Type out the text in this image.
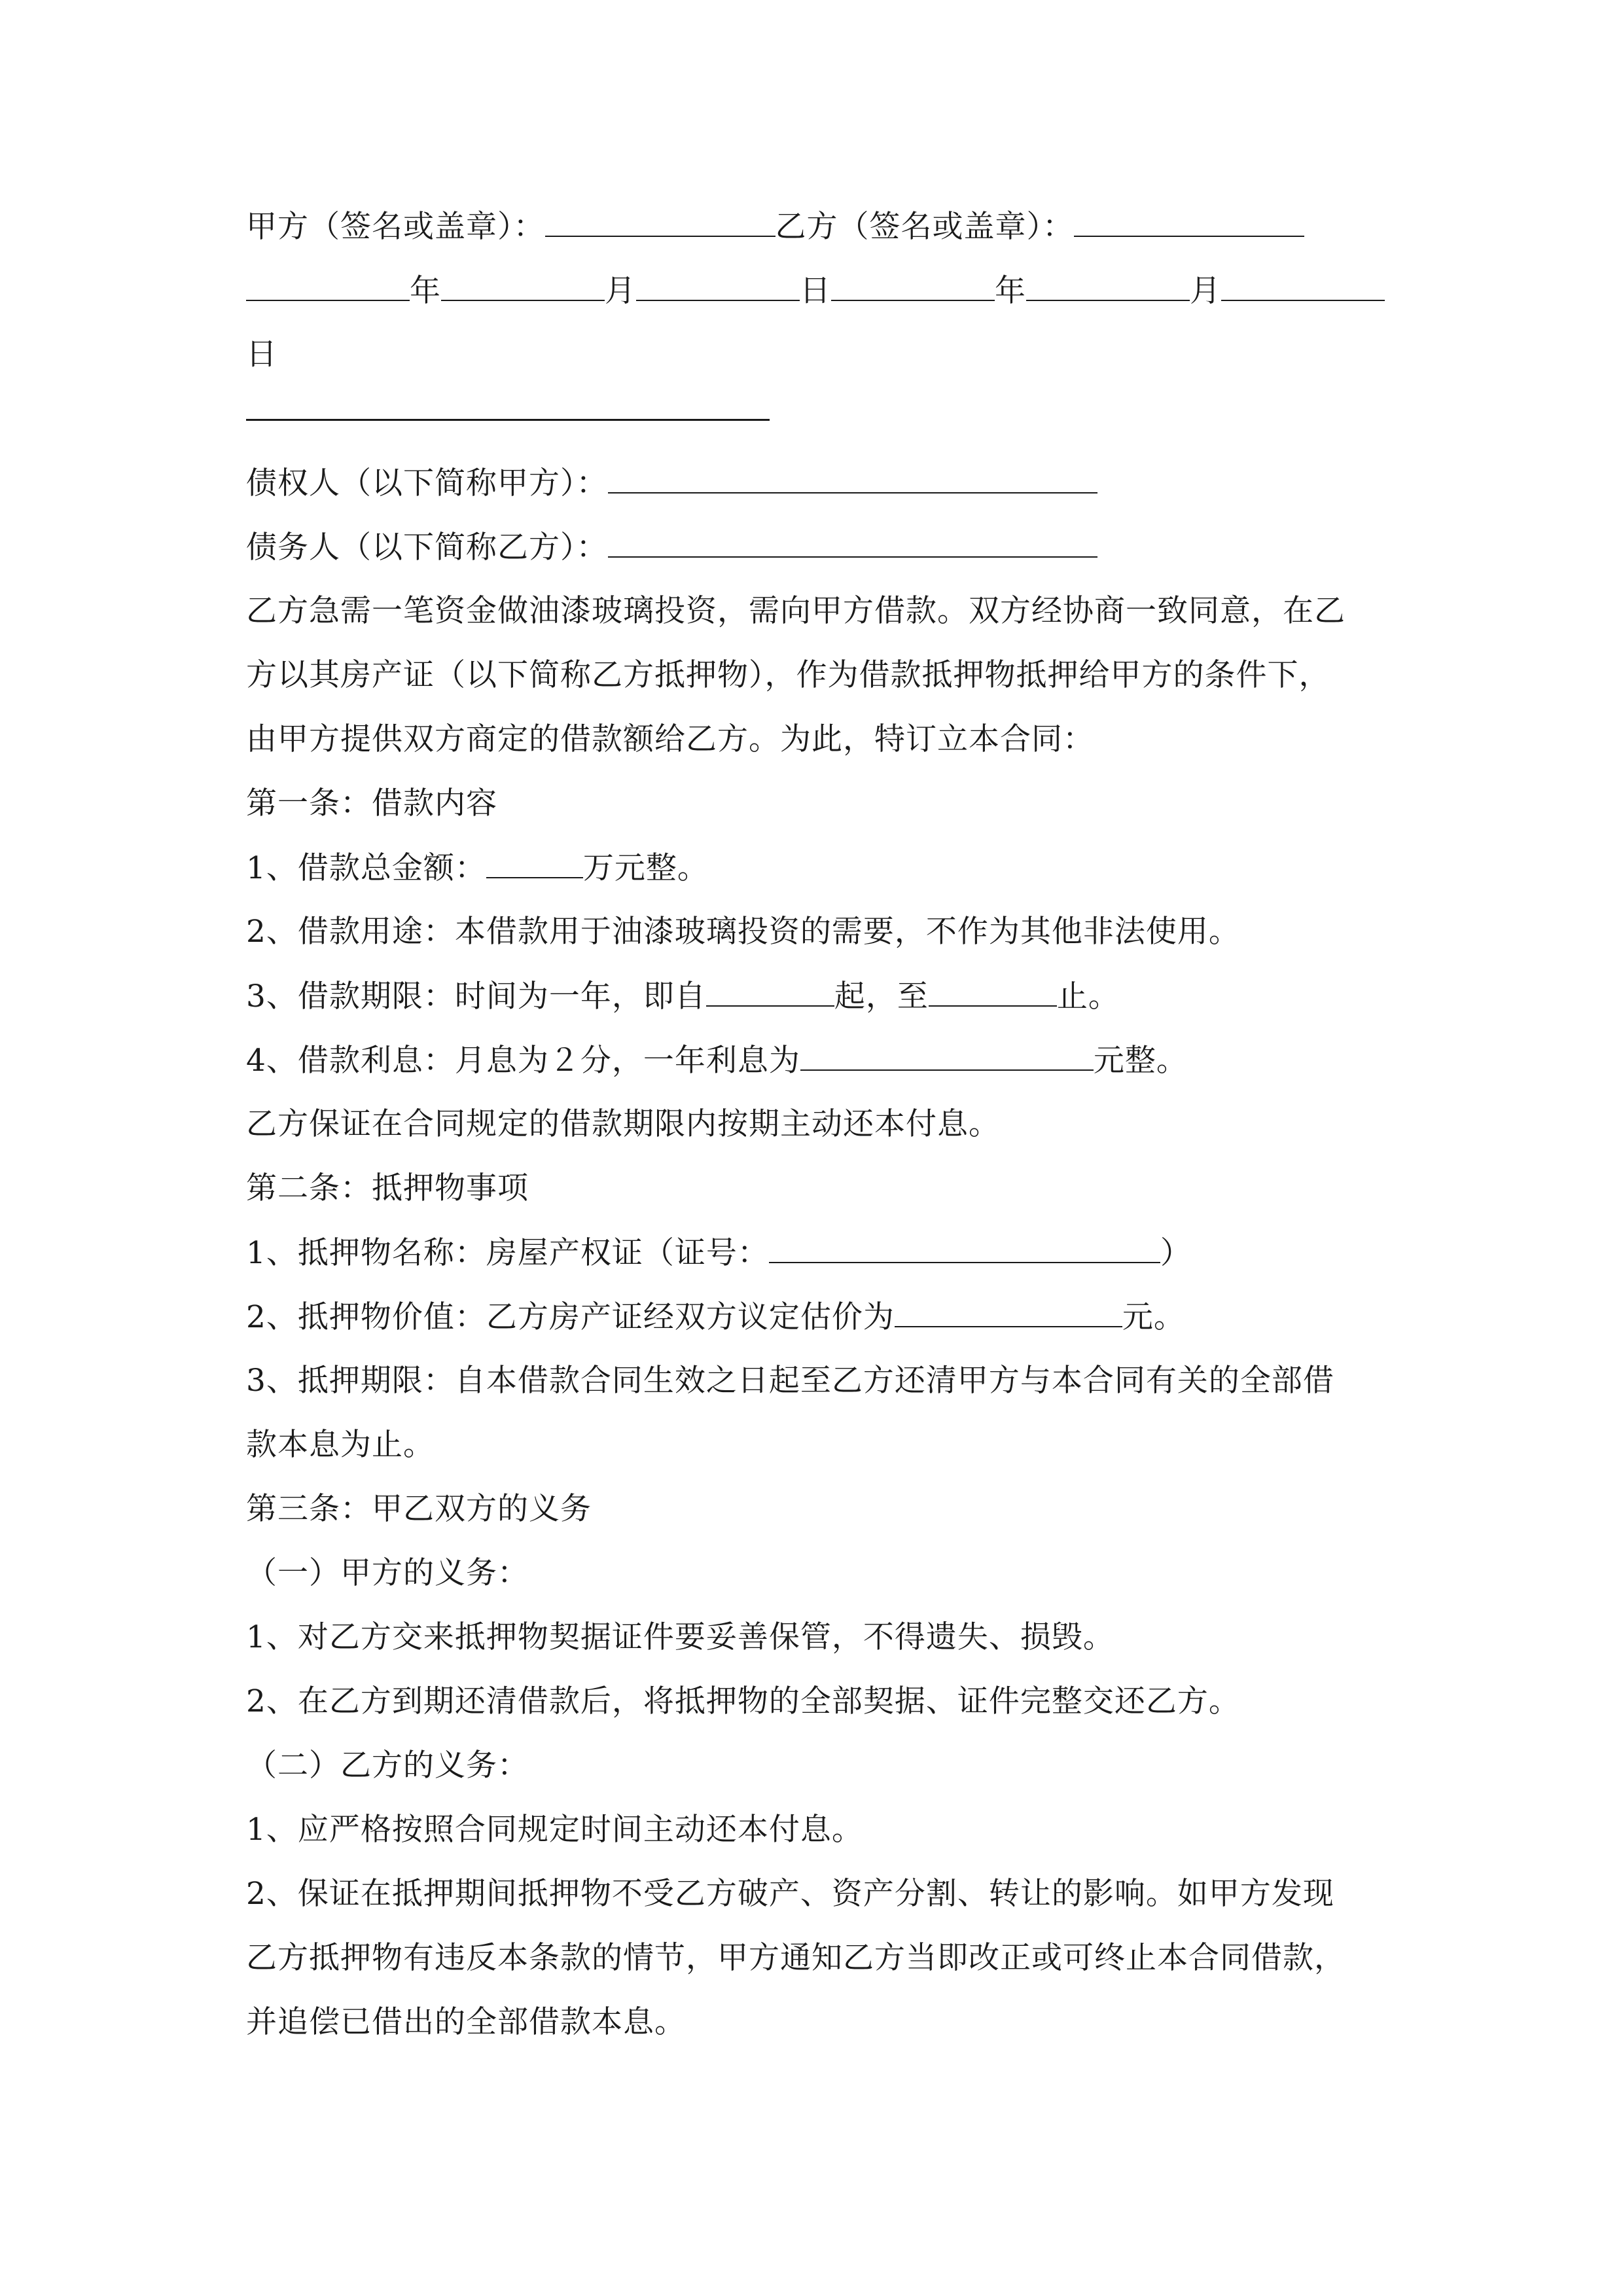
甲方（签名或盖章）：	乙方（签名或盖章）：
年	月	日	年	月
日
债权人（以下简称甲方）：
债务人（以下简称乙方）：
乙方急需一笔资金做油漆玻璃投资，需向甲方借款。双方经协商一致同意，在乙
方以其房产证（以下简称乙方抵押物），作为借款抵押物抵押给甲方的条件下，
由甲方提供双方商定的借款额给乙方。为此，特订立本合同：
第一条：借款内容
1、借款总金额：	万元整。
2、借款用途：本借款用于油漆玻璃投资的需要，不作为其他非法使用。
3、借款期限：时间为一年，即自	起，至	止。
4、借款利息：月息为２分，一年利息为	元整。
乙方保证在合同规定的借款期限内按期主动还本付息。
第二条：抵押物事项
1、抵押物名称：房屋产权证（证号：	）
2、抵押物价值：乙方房产证经双方议定估价为	元。
3、抵押期限：自本借款合同生效之日起至乙方还清甲方与本合同有关的全部借
款本息为止。
第三条：甲乙双方的义务
（一）甲方的义务：
1、对乙方交来抵押物契据证件要妥善保管，不得遗失、损毁。
2、在乙方到期还清借款后，将抵押物的全部契据、证件完整交还乙方。
（二）乙方的义务：
1、应严格按照合同规定时间主动还本付息。
2、保证在抵押期间抵押物不受乙方破产、资产分割、转让的影响。如甲方发现
乙方抵押物有违反本条款的情节，甲方通知乙方当即改正或可终止本合同借款，
并追偿已借出的全部借款本息。
